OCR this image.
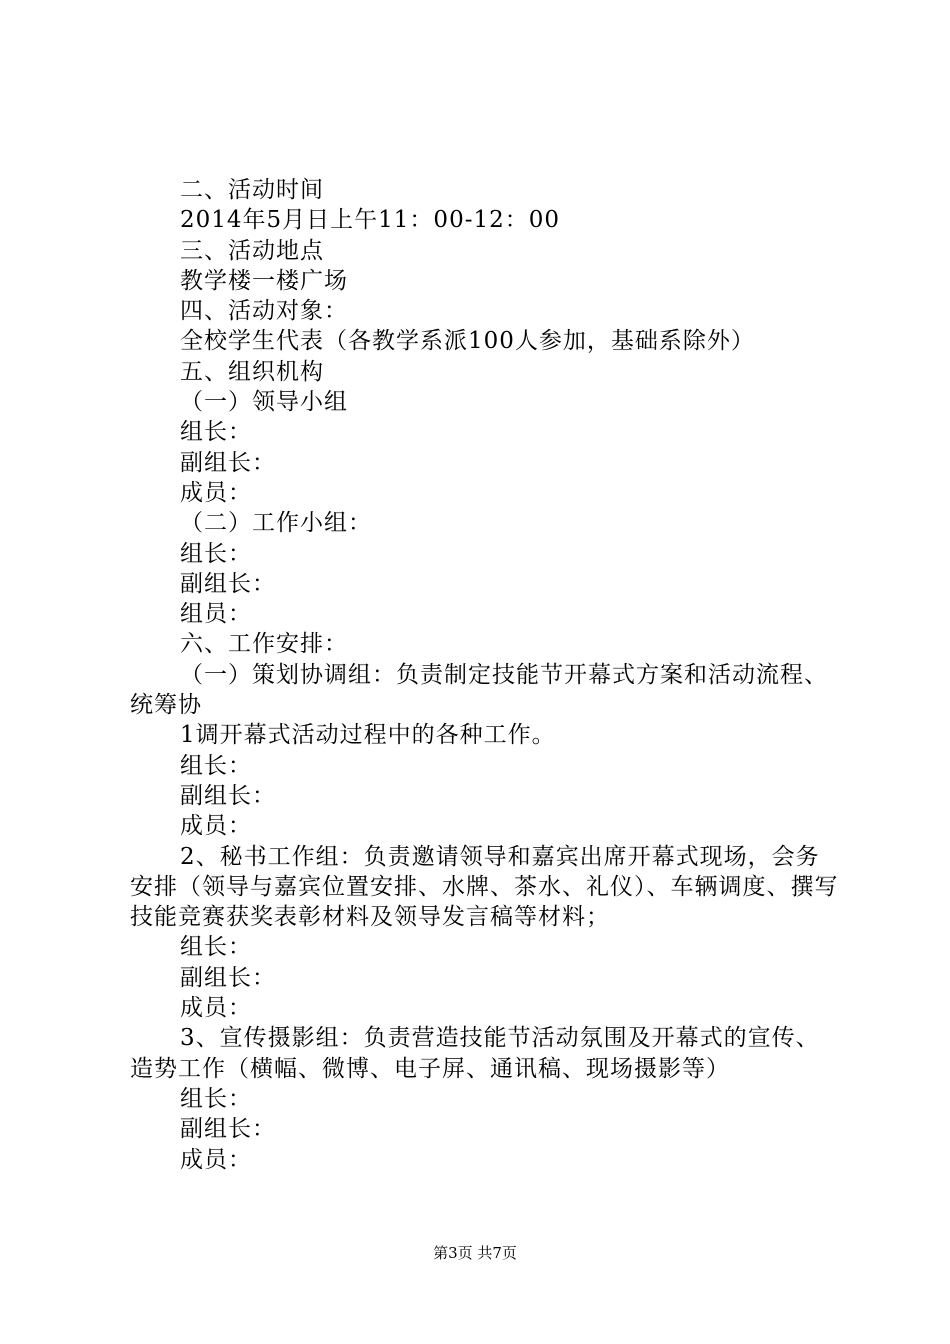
二、活动时间
2014年5月日上午11：00-12：00
三、活动地点
教学楼一楼广场
四、活动对象：
全校学生代表（各教学系派100人参加，基础系除外）
五、组织机构
（一）领导小组
组长：
副组长：
成员：
（二）工作小组：
组长：
副组长：
组员：
六、工作安排：
（一）策划协调组：负责制定技能节开幕式方案和活动流程、统筹协
1调开幕式活动过程中的各种工作。
组长：
副组长：
成员：
2、秘书工作组：负责邀请领导和嘉宾出席开幕式现场，会务安排（领导与嘉宾位置安排、水牌、茶水、礼仪）、车辆调度、撰写技能竞赛获奖表彰材料及领导发言稿等材料；
组长：
副组长：
成员：
3、宣传摄影组：负责营造技能节活动氛围及开幕式的宣传、造势工作（横幅、微博、电子屏、通讯稿、现场摄影等）
组长：
副组长：
成员：
第3页 共7页
